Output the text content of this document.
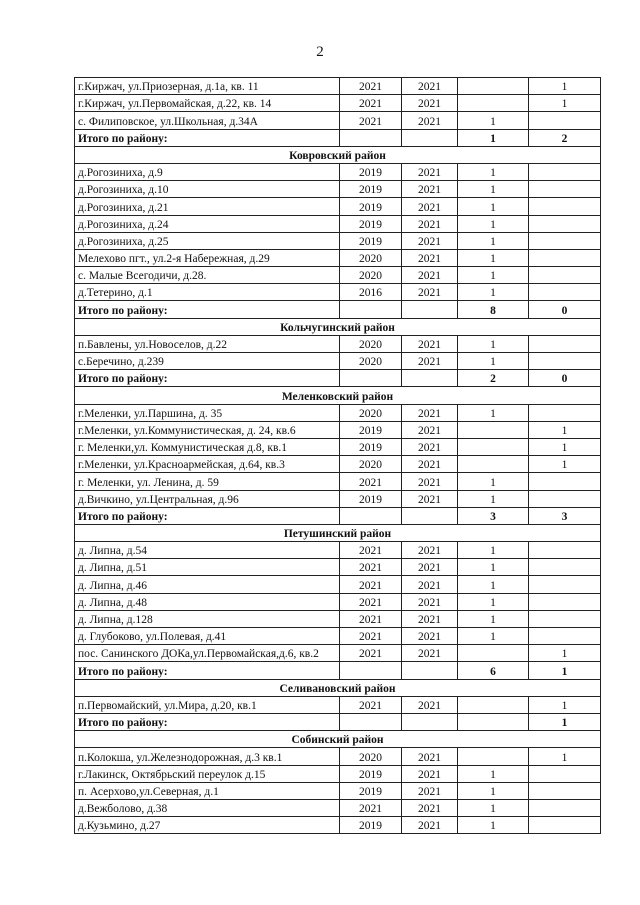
2
г.Киржач, ул.Приозерная, д.1а, кв. 11	2021	2021		1
г.Киржач, ул.Первомайская, д.22, кв. 14	2021	2021		1
с. Филиповское, ул.Школьная, д.34А	2021	2021	1	
Итого по району:			1	2
Ковровский район				
д.Рогозиниха, д.9	2019	2021	1	
д.Рогозиниха, д.10	2019	2021	1	
д.Рогозиниха, д.21	2019	2021	1	
д.Рогозиниха, д.24	2019	2021	1	
д.Рогозиниха, д.25	2019	2021	1	
Мелехово пгт., ул.2-я Набережная, д.29	2020	2021	1	
с. Малые Всегодичи, д.28.	2020	2021	1	
д.Тетерино, д.1	2016	2021	1	
Итого по району:			8	0
Кольчугинский район				
п.Бавлены, ул.Новоселов, д.22	2020	2021	1	
с.Беречино, д.239	2020	2021	1	
Итого по району:			2	0
Меленковский район				
г.Меленки, ул.Паршина, д. 35	2020	2021	1	
г.Меленки, ул.Коммунистическая, д. 24, кв.6	2019	2021		1
г. Меленки,ул. Коммунистическая д.8, кв.1	2019	2021		1
г.Меленки, ул.Красноармейская, д.64, кв.3	2020	2021		1
г. Меленки, ул. Ленина, д. 59	2021	2021	1	
д.Вичкино, ул.Центральная, д.96	2019	2021	1	
Итого по району:			3	3
Петушинский район				
д. Липна, д.54	2021	2021	1	
д. Липна, д.51	2021	2021	1	
д. Липна, д.46	2021	2021	1	
д. Липна, д.48	2021	2021	1	
д. Липна, д.128	2021	2021	1	
д. Глубоково, ул.Полевая, д.41	2021	2021	1	
пос. Санинского ДОКа,ул.Первомайская,д.6, кв.2	2021	2021		1
Итого по району:			6	1
Селивановский район				
п.Первомайский, ул.Мира, д.20, кв.1	2021	2021		1
Итого по району:				1
Собинский район				
п.Колокша, ул.Железнодорожная, д.3 кв.1	2020	2021		1
г.Лакинск, Октябрьский переулок д.15	2019	2021	1	
п. Асерхово,ул.Северная, д.1	2019	2021	1	
д.Вежболово, д.38	2021	2021	1	
д.Кузьмино, д.27	2019	2021	1	
